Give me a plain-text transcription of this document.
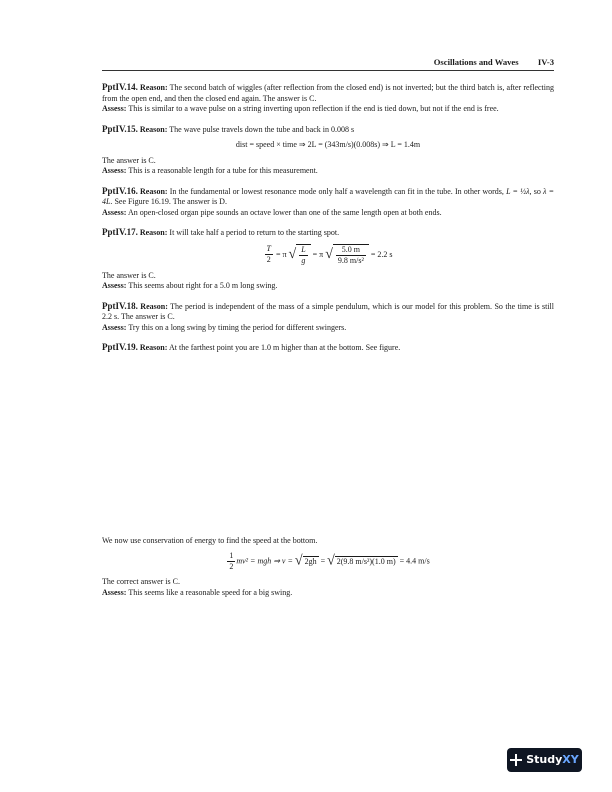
Oscillations and Waves IV-3

PptIV.14. Reason: The second batch of wiggles (after reflection from the closed end) is not inverted; but the third batch is, after reflecting from the open end, and then the closed end again. The answer is C.

Assess: This is similar to a wave pulse on a string inverting upon reflection if the end is tied down, but not if the end is free.

PptIV.15. Reason: The wave pulse travels down the tube and back in 0.008 s

dist = speed × time ⇒ 2L = (343m/s)(0.008s) ⇒ L = 1.4m

The answer is C.

Assess: This is a reasonable length for a tube for this measurement.

PptIV.16. Reason: In the fundamental or lowest resonance mode only half a wavelength can fit in the tube. In other words, L = ½λ, so λ = 4L. See Figure 16.19. The answer is D.

Assess: An open-closed organ pipe sounds an octave lower than one of the same length open at both ends.

PptIV.17. Reason: It will take half a period to return to the starting spot.

$\frac{T}{2} = \pi$ √ $\frac{L}{g} = \pi$ √ $\frac{5.0 m}{\text{9.8 m/s²}} = 2.2$ s

The answer is C.

Assess: This seems about right for a 5.0 m long swing.

PptIV.18. Reason: The period is independent of the mass of a simple pendulum, which is our model for this problem. So the time is still 2.2 s. The answer is C.

Assess: Try this on a long swing by timing the period for different swingers.

PptIV.19. Reason: At the farthest point you are 1.0 m higher than at the bottom. See figure.

We now use conservation of energy to find the speed at the bottom.

$\frac{1}{2} mv^2$ = mgh ⇒ v = √ 2gh = √ 2(9.8 m/s²)(1.0 m) = 4.4 m/s

The correct answer is C.

Assess: This seems like a reasonable speed for a big swing.

StudyXY
